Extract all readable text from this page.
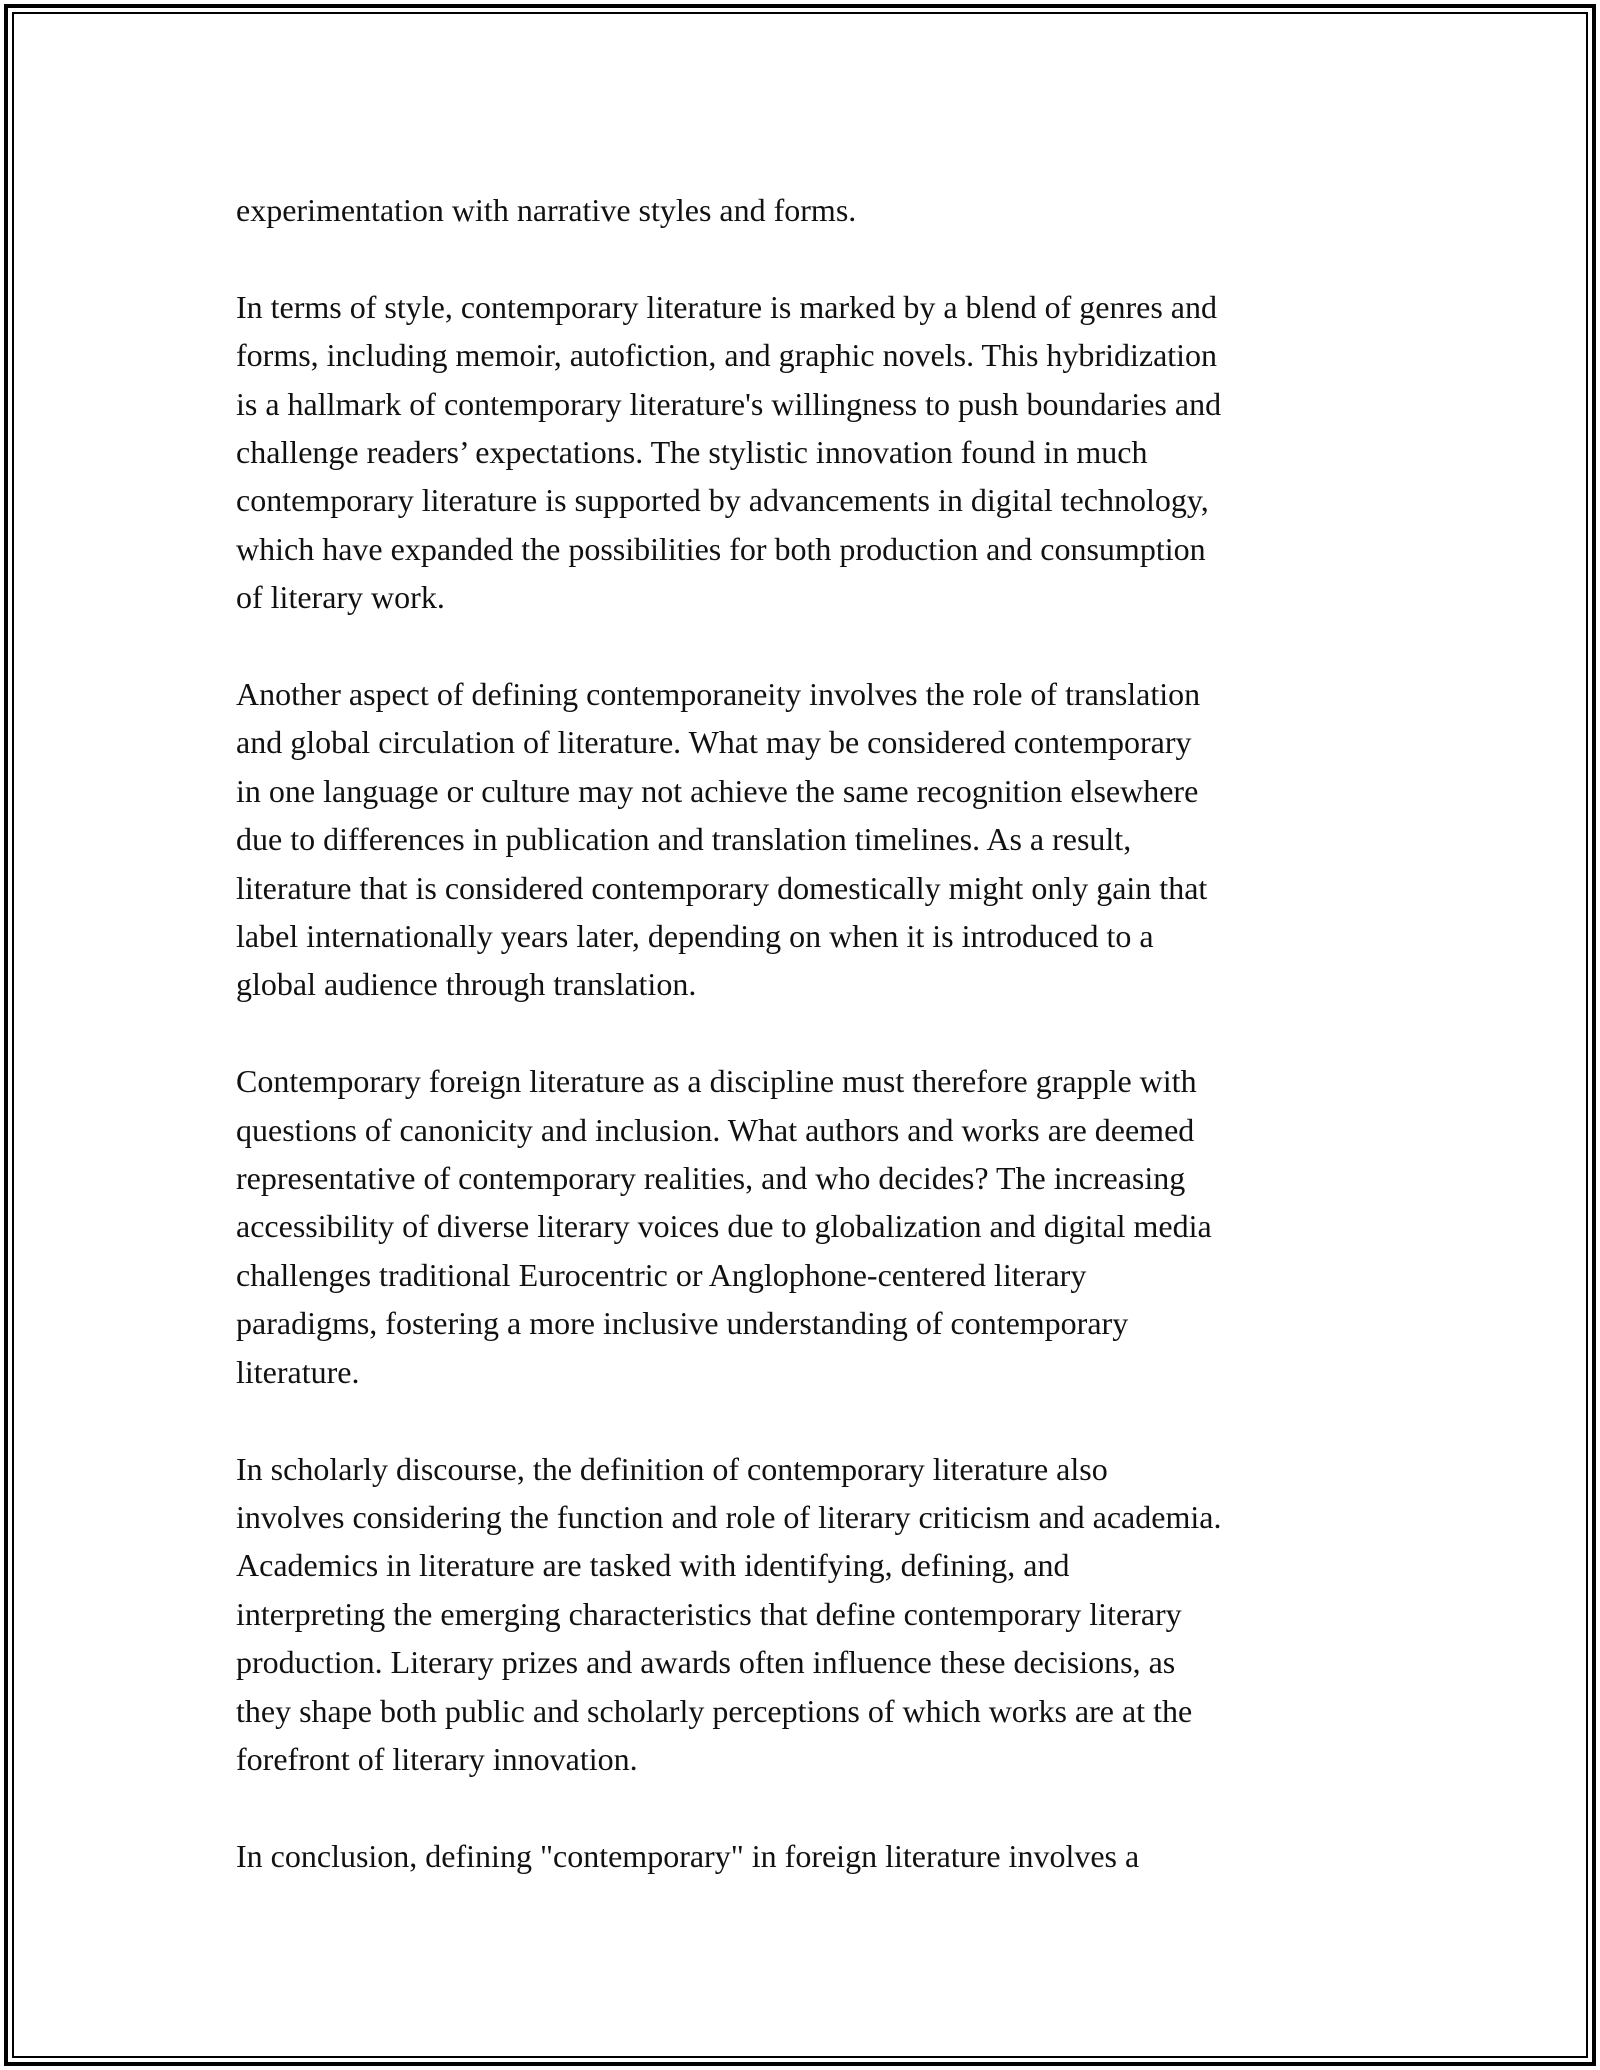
experimentation with narrative styles and forms.

In terms of style, contemporary literature is marked by a blend of genres and
forms, including memoir, autofiction, and graphic novels. This hybridization
is a hallmark of contemporary literature's willingness to push boundaries and
challenge readers’ expectations. The stylistic innovation found in much
contemporary literature is supported by advancements in digital technology,
which have expanded the possibilities for both production and consumption
of literary work.

Another aspect of defining contemporaneity involves the role of translation
and global circulation of literature. What may be considered contemporary
in one language or culture may not achieve the same recognition elsewhere
due to differences in publication and translation timelines. As a result,
literature that is considered contemporary domestically might only gain that
label internationally years later, depending on when it is introduced to a
global audience through translation.

Contemporary foreign literature as a discipline must therefore grapple with
questions of canonicity and inclusion. What authors and works are deemed
representative of contemporary realities, and who decides? The increasing
accessibility of diverse literary voices due to globalization and digital media
challenges traditional Eurocentric or Anglophone-centered literary
paradigms, fostering a more inclusive understanding of contemporary
literature.

In scholarly discourse, the definition of contemporary literature also
involves considering the function and role of literary criticism and academia.
Academics in literature are tasked with identifying, defining, and
interpreting the emerging characteristics that define contemporary literary
production. Literary prizes and awards often influence these decisions, as
they shape both public and scholarly perceptions of which works are at the
forefront of literary innovation.

In conclusion, defining "contemporary" in foreign literature involves a
